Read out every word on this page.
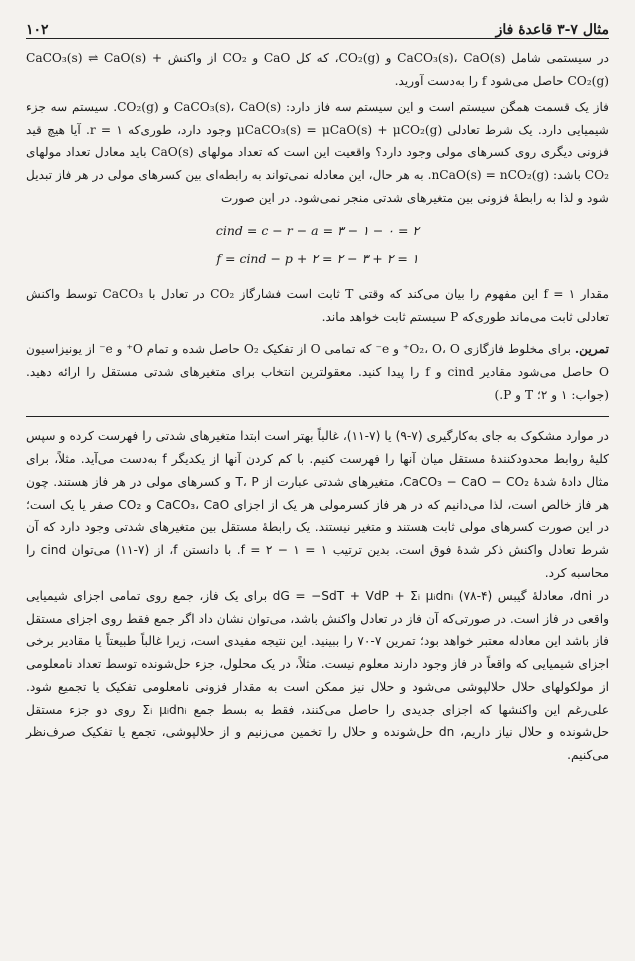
مثال ۷-۳ قاعدهٔ فاز
۱۰۲

در سیستمی شامل CaCO₃(s)، CaO(s) و CO₂(g)، که کل CaO و CO₂ از واکنش CaCO₃(s) ⇌ CaO(s) + CO₂(g) حاصل می‌شود f را به‌دست آورید.

فاز یک قسمت همگن سیستم است و این سیستم سه فاز دارد: CaCO₃(s)، CaO(s) و CO₂(g). سیستم سه جزء شیمیایی دارد. یک شرط تعادلی μCaCO₃(s) = μCaO(s) + μCO₂(g) وجود دارد، طوری‌که r = ۱. آیا هیچ قید فزونی دیگری روی کسرهای مولی وجود دارد؟ واقعیت این است که تعداد مولهای CaO(s) باید معادل تعداد مولهای CO₂ باشد: nCaO(s) = nCO₂(g). به هر حال، این معادله نمی‌تواند به رابطه‌ای بین کسرهای مولی در هر فاز تبدیل شود و لذا به رابطهٔ فزونی بین متغیرهای شدتی منجر نمی‌شود. در این صورت

cind = c − r − a = ۳ − ۱ − ۰ = ۲
f = cind − p + ۲ = ۲ − ۳ + ۲ = ۱

مقدار f = ۱ این مفهوم را بیان می‌کند که وقتی T ثابت است فشارگاز CO₂ در تعادل با CaCO₃ توسط واکنش تعادلی ثابت می‌ماند طوری‌که P سیستم ثابت خواهد ماند.

تمرین. برای مخلوط فازگازی O₂، O، O⁺ و e⁻ که تمامی O از تفکیک O₂ حاصل شده و تمام O⁺ و e⁻ از یونیزاسیون O حاصل می‌شود مقادیر cind و f را پیدا کنید. معقولترین انتخاب برای متغیرهای شدتی مستقل را ارائه دهید. (جواب: ۱ و ۲؛ T و P.)

در موارد مشکوک به جای به‌کارگیری (۷-۹) یا (۷-۱۱)، غالباً بهتر است ابتدا متغیرهای شدتی را فهرست کرده و سپس کلیهٔ روابط محدودکنندهٔ مستقل میان آنها را فهرست کنیم. با کم کردن آنها از یکدیگر f به‌دست می‌آید. مثلاً، برای مثال دادهٔ شدهٔ CaCO₃ − CaO − CO₂، متغیرهای شدتی عبارت از T، P و کسرهای مولی در هر فاز هستند. چون هر فاز خالص است، لذا می‌دانیم که در هر فاز کسرمولی هر یک از اجزای CaCO₃، CaO و CO₂ صفر یا یک است؛ در این صورت کسرهای مولی ثابت هستند و متغیر نیستند. یک رابطهٔ مستقل بین متغیرهای شدتی وجود دارد که آن شرط تعادل واکنش ذکر شدهٔ فوق است. بدین ترتیب f = ۲ − ۱ = ۱. با دانستن f، از (۷-۱۱) می‌توان cind را محاسبه کرد.

در dni، معادلهٔ گیبس (۴-۷۸) dG = −SdT + VdP + Σᵢ μᵢdnᵢ برای یک فاز، جمع روی تمامی اجزای شیمیایی واقعی در فاز است. در صورتی‌که آن فاز در تعادل واکنش باشد، می‌توان نشان داد اگر جمع فقط روی اجزای مستقل فاز باشد این معادله معتبر خواهد بود؛ تمرین ۷-۷۰ را ببینید. این نتیجه مفیدی است، زیرا غالباً طبیعتاً یا مقادیر برخی اجزای شیمیایی که واقعاً در فاز وجود دارند معلوم نیست. مثلاً، در یک محلول، جزء حل‌شونده توسط تعداد نامعلومی از مولکولهای حلال حلالپوشی می‌شود و حلال نیز ممکن است به مقدار فزونی نامعلومی تفکیک یا تجمیع شود. علی‌رغم این واکنشها که اجزای جدیدی را حاصل می‌کنند، فقط به بسط جمع Σᵢ μᵢdnᵢ روی دو جزء مستقل حل‌شونده و حلال نیاز داریم، dn حل‌شونده و حلال را تخمین می‌زنیم و از حلالپوشی، تجمع یا تفکیک صرف‌نظر می‌کنیم.
